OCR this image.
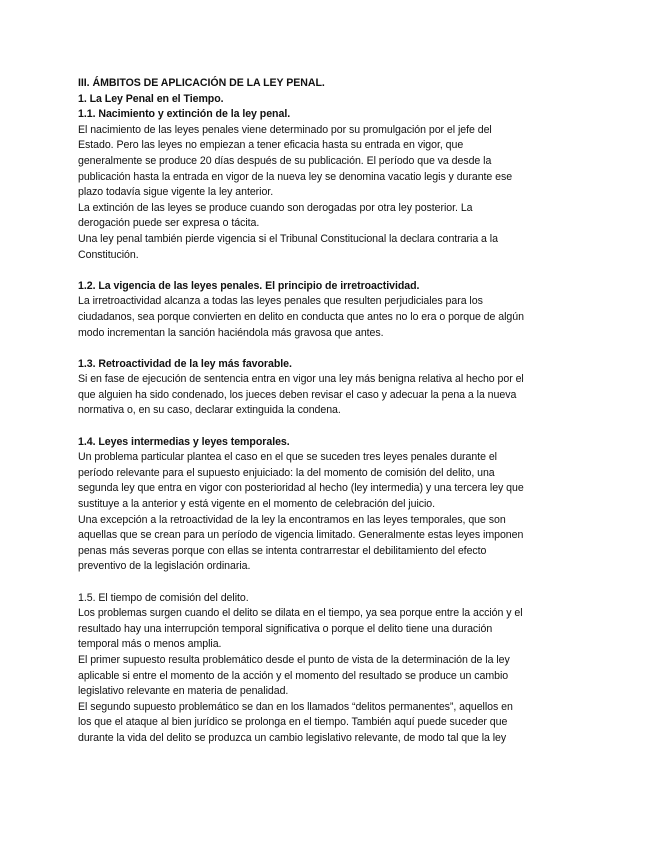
III. ÁMBITOS DE APLICACIÓN DE LA LEY PENAL.
1. La Ley Penal en el Tiempo.
1.1. Nacimiento y extinción de la ley penal.
El nacimiento de las leyes penales viene determinado por su promulgación por el jefe del
Estado. Pero las leyes no empiezan a tener eficacia hasta su entrada en vigor, que
generalmente se produce 20 días después de su publicación. El período que va desde la
publicación hasta la entrada en vigor de la nueva ley se denomina vacatio legis y durante ese
plazo todavía sigue vigente la ley anterior.
La extinción de las leyes se produce cuando son derogadas por otra ley posterior. La
derogación puede ser expresa o tácita.
Una ley penal también pierde vigencia si el Tribunal Constitucional la declara contraria a la
Constitución.
1.2. La vigencia de las leyes penales. El principio de irretroactividad.
La irretroactividad alcanza a todas las leyes penales que resulten perjudiciales para los
ciudadanos, sea porque convierten en delito en conducta que antes no lo era o porque de algún
modo incrementan la sanción haciéndola más gravosa que antes.
1.3. Retroactividad de la ley más favorable.
Si en fase de ejecución de sentencia entra en vigor una ley más benigna relativa al hecho por el
que alguien ha sido condenado, los jueces deben revisar el caso y adecuar la pena a la nueva
normativa o, en su caso, declarar extinguida la condena.
1.4. Leyes intermedias y leyes temporales.
Un problema particular plantea el caso en el que se suceden tres leyes penales durante el
período relevante para el supuesto enjuiciado: la del momento de comisión del delito, una
segunda ley que entra en vigor con posterioridad al hecho (ley intermedia) y una tercera ley que
sustituye a la anterior y está vigente en el momento de celebración del juicio.
Una excepción a la retroactividad de la ley la encontramos en las leyes temporales, que son
aquellas que se crean para un período de vigencia limitado. Generalmente estas leyes imponen
penas más severas porque con ellas se intenta contrarrestar el debilitamiento del efecto
preventivo de la legislación ordinaria.
1.5. El tiempo de comisión del delito.
Los problemas surgen cuando el delito se dilata en el tiempo, ya sea porque entre la acción y el
resultado hay una interrupción temporal significativa o porque el delito tiene una duración
temporal más o menos amplia.
El primer supuesto resulta problemático desde el punto de vista de la determinación de la ley
aplicable si entre el momento de la acción y el momento del resultado se produce un cambio
legislativo relevante en materia de penalidad.
El segundo supuesto problemático se dan en los llamados “delitos permanentes”, aquellos en
los que el ataque al bien jurídico se prolonga en el tiempo. También aquí puede suceder que
durante la vida del delito se produzca un cambio legislativo relevante, de modo tal que la ley
